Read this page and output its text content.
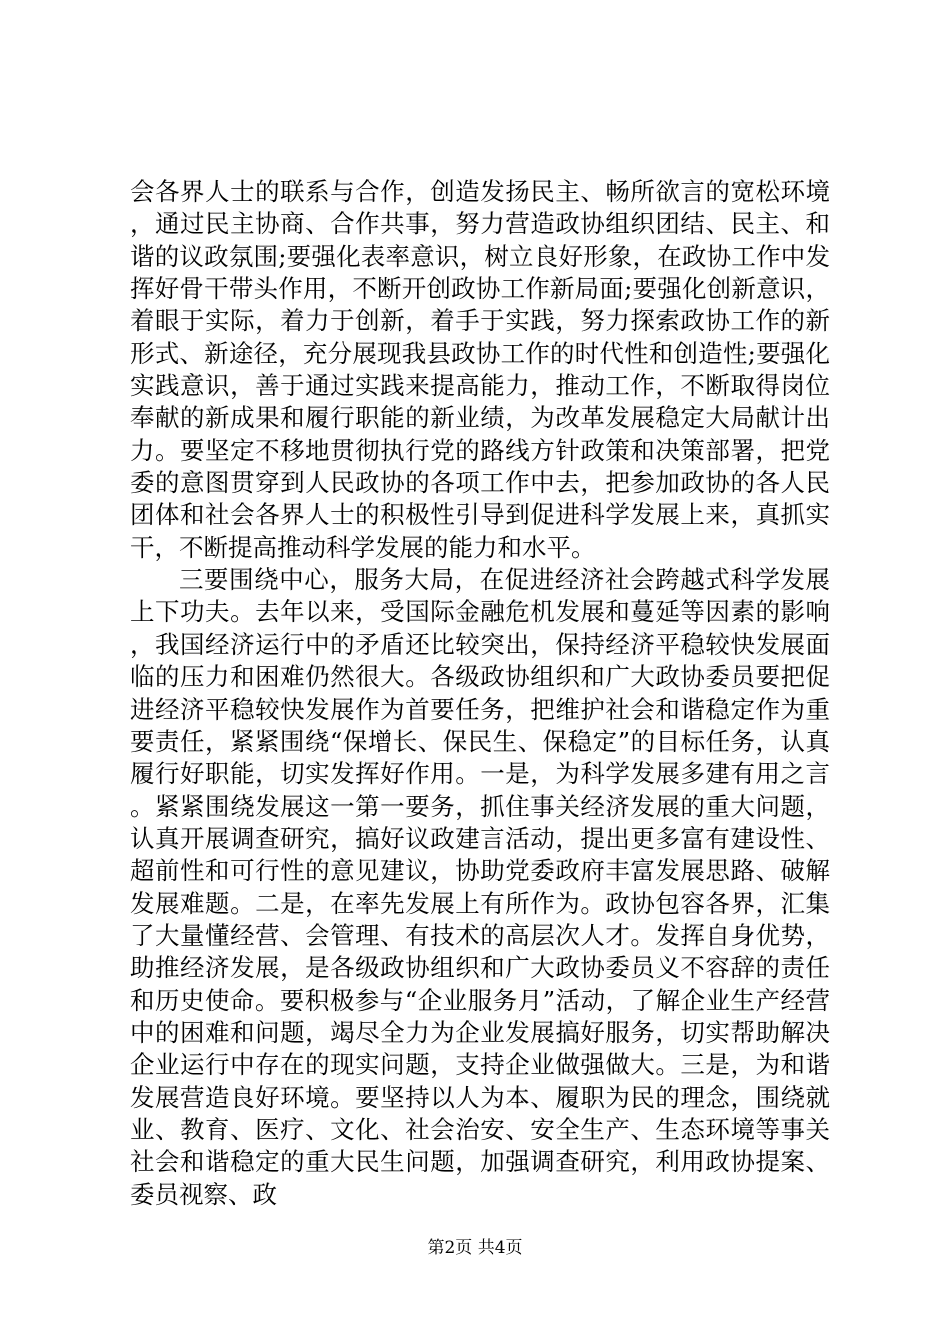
会各界人士的联系与合作，创造发扬民主、畅所欲言的宽松环境，通过民主协商、合作共事，努力营造政协组织团结、民主、和谐的议政氛围;要强化表率意识，树立良好形象，在政协工作中发挥好骨干带头作用，不断开创政协工作新局面;要强化创新意识，着眼于实际，着力于创新，着手于实践，努力探索政协工作的新形式、新途径，充分展现我县政协工作的时代性和创造性;要强化实践意识，善于通过实践来提高能力，推动工作，不断取得岗位奉献的新成果和履行职能的新业绩，为改革发展稳定大局献计出力。要坚定不移地贯彻执行党的路线方针政策和决策部署，把党委的意图贯穿到人民政协的各项工作中去，把参加政协的各人民团体和社会各界人士的积极性引导到促进科学发展上来，真抓实干，不断提高推动科学发展的能力和水平。

三要围绕中心，服务大局，在促进经济社会跨越式科学发展上下功夫。去年以来，受国际金融危机发展和蔓延等因素的影响，我国经济运行中的矛盾还比较突出，保持经济平稳较快发展面临的压力和困难仍然很大。各级政协组织和广大政协委员要把促进经济平稳较快发展作为首要任务，把维护社会和谐稳定作为重要责任，紧紧围绕“保增长、保民生、保稳定”的目标任务，认真履行好职能，切实发挥好作用。一是，为科学发展多建有用之言。紧紧围绕发展这一第一要务，抓住事关经济发展的重大问题，认真开展调查研究，搞好议政建言活动，提出更多富有建设性、超前性和可行性的意见建议，协助党委政府丰富发展思路、破解发展难题。二是，在率先发展上有所作为。政协包容各界，汇集了大量懂经营、会管理、有技术的高层次人才。发挥自身优势，助推经济发展，是各级政协组织和广大政协委员义不容辞的责任和历史使命。要积极参与“企业服务月”活动，了解企业生产经营中的困难和问题，竭尽全力为企业发展搞好服务，切实帮助解决企业运行中存在的现实问题，支持企业做强做大。三是，为和谐发展营造良好环境。要坚持以人为本、履职为民的理念，围绕就业、教育、医疗、文化、社会治安、安全生产、生态环境等事关社会和谐稳定的重大民生问题，加强调查研究，利用政协提案、委员视察、政

第2页 共4页
